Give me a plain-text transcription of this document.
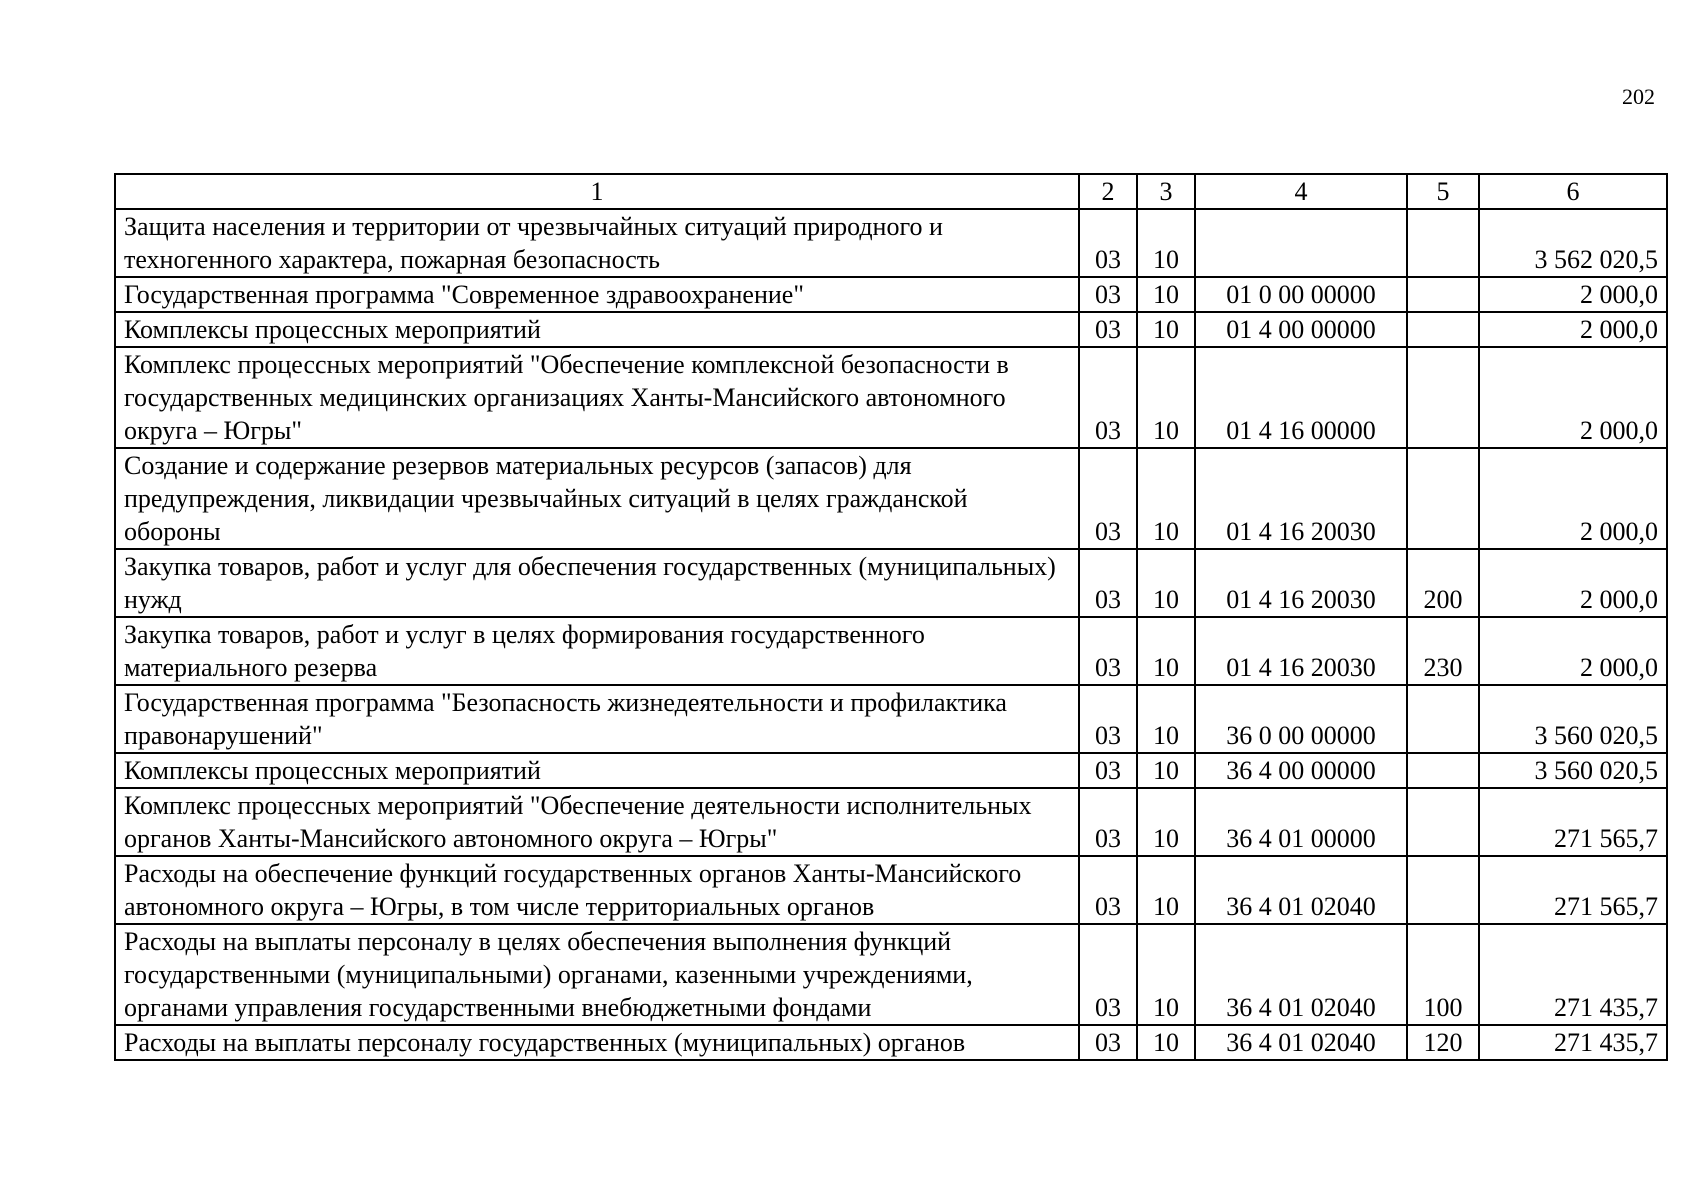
202
1	2	3	4	5	6
Защита населения и территории от чрезвычайных ситуаций природного и техногенного характера, пожарная безопасность	03	10			3 562 020,5
Государственная программа "Современное здравоохранение"	03	10	01 0 00 00000		2 000,0
Комплексы процессных мероприятий	03	10	01 4 00 00000		2 000,0
Комплекс процессных мероприятий "Обеспечение комплексной безопасности в государственных медицинских организациях Ханты-Мансийского автономного округа – Югры"	03	10	01 4 16 00000		2 000,0
Создание и содержание резервов материальных ресурсов (запасов) для предупреждения, ликвидации чрезвычайных ситуаций в целях гражданской обороны	03	10	01 4 16 20030		2 000,0
Закупка товаров, работ и услуг для обеспечения государственных (муниципальных) нужд	03	10	01 4 16 20030	200	2 000,0
Закупка товаров, работ и услуг в целях формирования государственного материального резерва	03	10	01 4 16 20030	230	2 000,0
Государственная программа "Безопасность жизнедеятельности и профилактика правонарушений"	03	10	36 0 00 00000		3 560 020,5
Комплексы процессных мероприятий	03	10	36 4 00 00000		3 560 020,5
Комплекс процессных мероприятий "Обеспечение деятельности исполнительных органов Ханты-Мансийского автономного округа – Югры"	03	10	36 4 01 00000		271 565,7
Расходы на обеспечение функций государственных органов Ханты-Мансийского автономного округа – Югры, в том числе территориальных органов	03	10	36 4 01 02040		271 565,7
Расходы на выплаты персоналу в целях обеспечения выполнения функций государственными (муниципальными) органами, казенными учреждениями, органами управления государственными внебюджетными фондами	03	10	36 4 01 02040	100	271 435,7
Расходы на выплаты персоналу государственных (муниципальных) органов	03	10	36 4 01 02040	120	271 435,7
